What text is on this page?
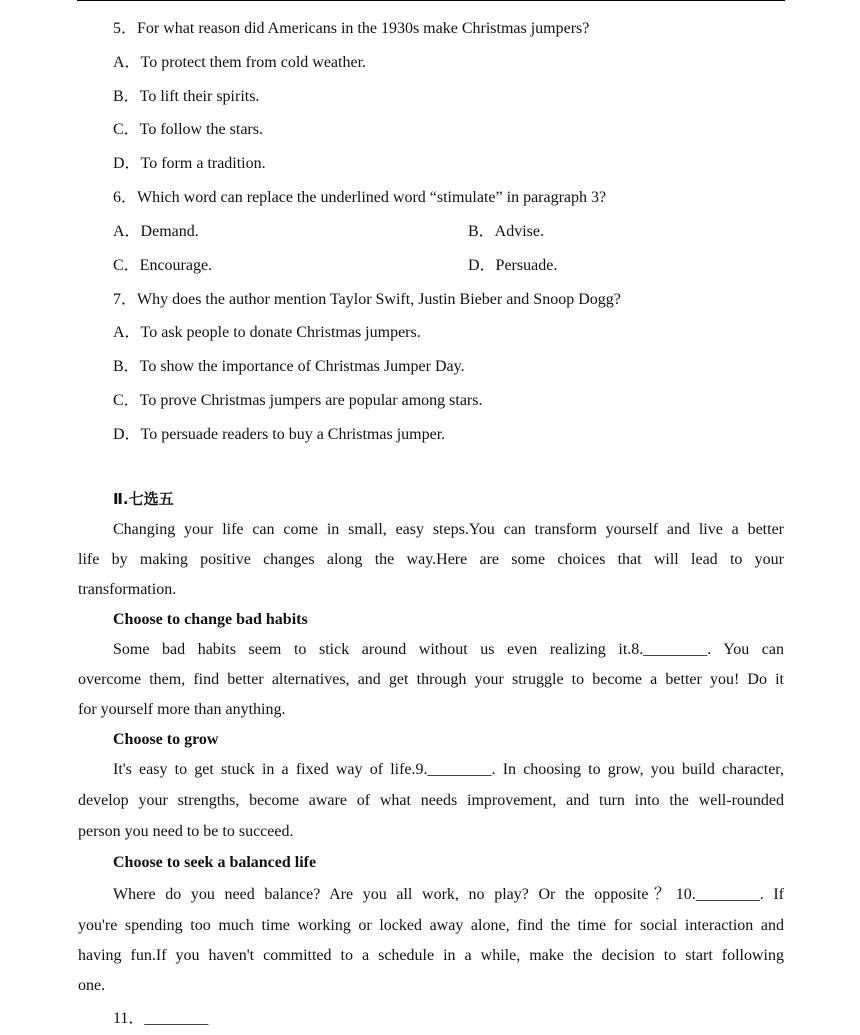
5．For what reason did Americans in the 1930s make Christmas jumpers?
A．To protect them from cold weather.
B．To lift their spirits.
C．To follow the stars.
D．To form a tradition.
6．Which word can replace the underlined word “stimulate” in paragraph 3?
A．Demand.	B．Advise.
C．Encourage.	D．Persuade.
7．Why does the author mention Taylor Swift, Justin Bieber and Snoop Dogg?
A．To ask people to donate Christmas jumpers.
B．To show the importance of Christmas Jumper Day.
C．To prove Christmas jumpers are popular among stars.
D．To persuade readers to buy a Christmas jumper.
Ⅱ.七选五
Changing your life can come in small, easy steps.You can transform yourself and live a better
life by making positive changes along the way.Here are some choices that will lead to your
transformation.
Choose to change bad habits
Some bad habits seem to stick around without us even realizing it.8.________. You can
overcome them, find better alternatives, and get through your struggle to become a better you! Do it
for yourself more than anything.
Choose to grow
It's easy to get stuck in a fixed way of life.9.________. In choosing to grow, you build character,
develop your strengths, become aware of what needs improvement, and turn into the well‐rounded
person you need to be to succeed.
Choose to seek a balanced life
Where do you need balance? Are you all work, no play? Or the opposite？10.________. If
you're spending too much time working or locked away alone, find the time for social interaction and
having fun.If you haven't committed to a schedule in a while, make the decision to start following
one.
11．________
